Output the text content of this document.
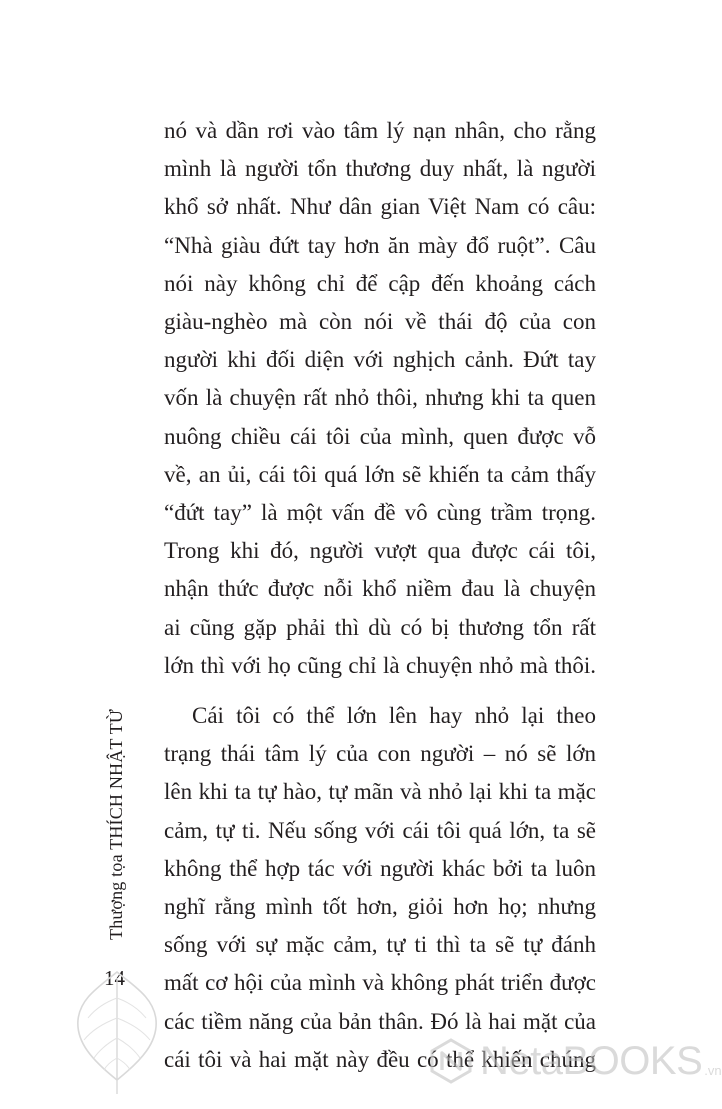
nó và dần rơi vào tâm lý nạn nhân, cho rằng
mình là người tổn thương duy nhất, là người
khổ sở nhất. Như dân gian Việt Nam có câu:
“Nhà giàu đứt tay hơn ăn mày đổ ruột”. Câu
nói này không chỉ để cập đến khoảng cách
giàu-nghèo mà còn nói về thái độ của con
người khi đối diện với nghịch cảnh. Đứt tay
vốn là chuyện rất nhỏ thôi, nhưng khi ta quen
nuông chiều cái tôi của mình, quen được vỗ
về, an ủi, cái tôi quá lớn sẽ khiến ta cảm thấy
“đứt tay” là một vấn đề vô cùng trầm trọng.
Trong khi đó, người vượt qua được cái tôi,
nhận thức được nỗi khổ niềm đau là chuyện
ai cũng gặp phải thì dù có bị thương tổn rất
lớn thì với họ cũng chỉ là chuyện nhỏ mà thôi.

Cái tôi có thể lớn lên hay nhỏ lại theo
trạng thái tâm lý của con người – nó sẽ lớn
lên khi ta tự hào, tự mãn và nhỏ lại khi ta mặc
cảm, tự ti. Nếu sống với cái tôi quá lớn, ta sẽ
không thể hợp tác với người khác bởi ta luôn
nghĩ rằng mình tốt hơn, giỏi hơn họ; nhưng
sống với sự mặc cảm, tự ti thì ta sẽ tự đánh
mất cơ hội của mình và không phát triển được
các tiềm năng của bản thân. Đó là hai mặt của
cái tôi và hai mặt này đều có thể khiến chúng

Thượng tọa THÍCH NHẬT TỪ
14
NetaBOOKS .vn
